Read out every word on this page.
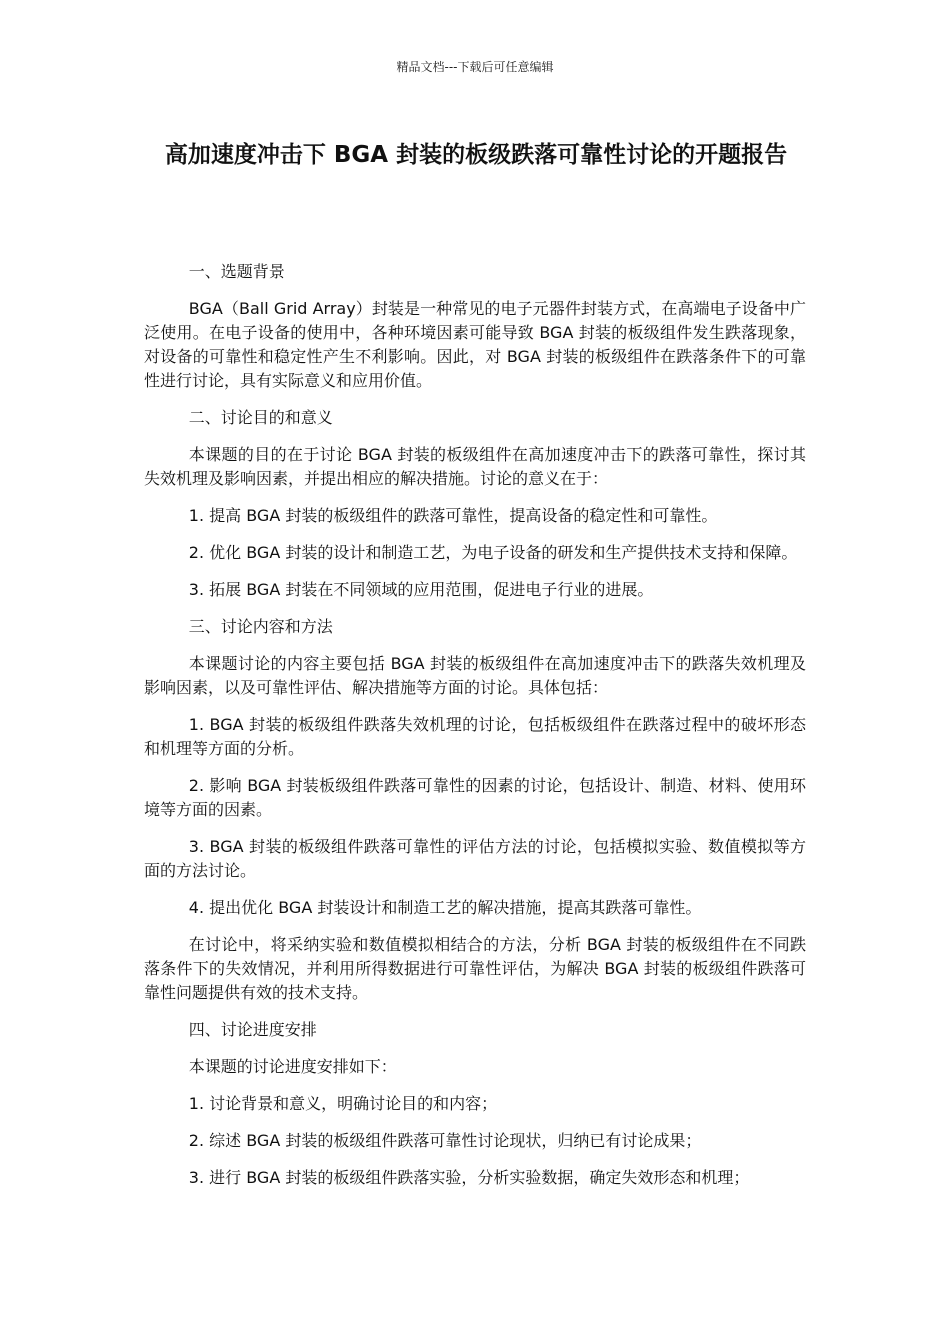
精品文档---下载后可任意编辑
高加速度冲击下 BGA 封装的板级跌落可靠性讨论的开题报告

一、选题背景

BGA（Ball Grid Array）封装是一种常见的电子元器件封装方式，在高端电子设备中广泛使用。在电子设备的使用中，各种环境因素可能导致 BGA 封装的板级组件发生跌落现象，对设备的可靠性和稳定性产生不利影响。因此，对 BGA 封装的板级组件在跌落条件下的可靠性进行讨论，具有实际意义和应用价值。

二、讨论目的和意义

本课题的目的在于讨论 BGA 封装的板级组件在高加速度冲击下的跌落可靠性，探讨其失效机理及影响因素，并提出相应的解决措施。讨论的意义在于：

1. 提高 BGA 封装的板级组件的跌落可靠性，提高设备的稳定性和可靠性。

2. 优化 BGA 封装的设计和制造工艺，为电子设备的研发和生产提供技术支持和保障。

3. 拓展 BGA 封装在不同领域的应用范围，促进电子行业的进展。

三、讨论内容和方法

本课题讨论的内容主要包括 BGA 封装的板级组件在高加速度冲击下的跌落失效机理及影响因素，以及可靠性评估、解决措施等方面的讨论。具体包括：

1. BGA 封装的板级组件跌落失效机理的讨论，包括板级组件在跌落过程中的破坏形态和机理等方面的分析。

2. 影响 BGA 封装板级组件跌落可靠性的因素的讨论，包括设计、制造、材料、使用环境等方面的因素。

3. BGA 封装的板级组件跌落可靠性的评估方法的讨论，包括模拟实验、数值模拟等方面的方法讨论。

4. 提出优化 BGA 封装设计和制造工艺的解决措施，提高其跌落可靠性。

在讨论中，将采纳实验和数值模拟相结合的方法，分析 BGA 封装的板级组件在不同跌落条件下的失效情况，并利用所得数据进行可靠性评估，为解决 BGA 封装的板级组件跌落可靠性问题提供有效的技术支持。

四、讨论进度安排

本课题的讨论进度安排如下：

1. 讨论背景和意义，明确讨论目的和内容；

2. 综述 BGA 封装的板级组件跌落可靠性讨论现状，归纳已有讨论成果；

3. 进行 BGA 封装的板级组件跌落实验，分析实验数据，确定失效形态和机理；
